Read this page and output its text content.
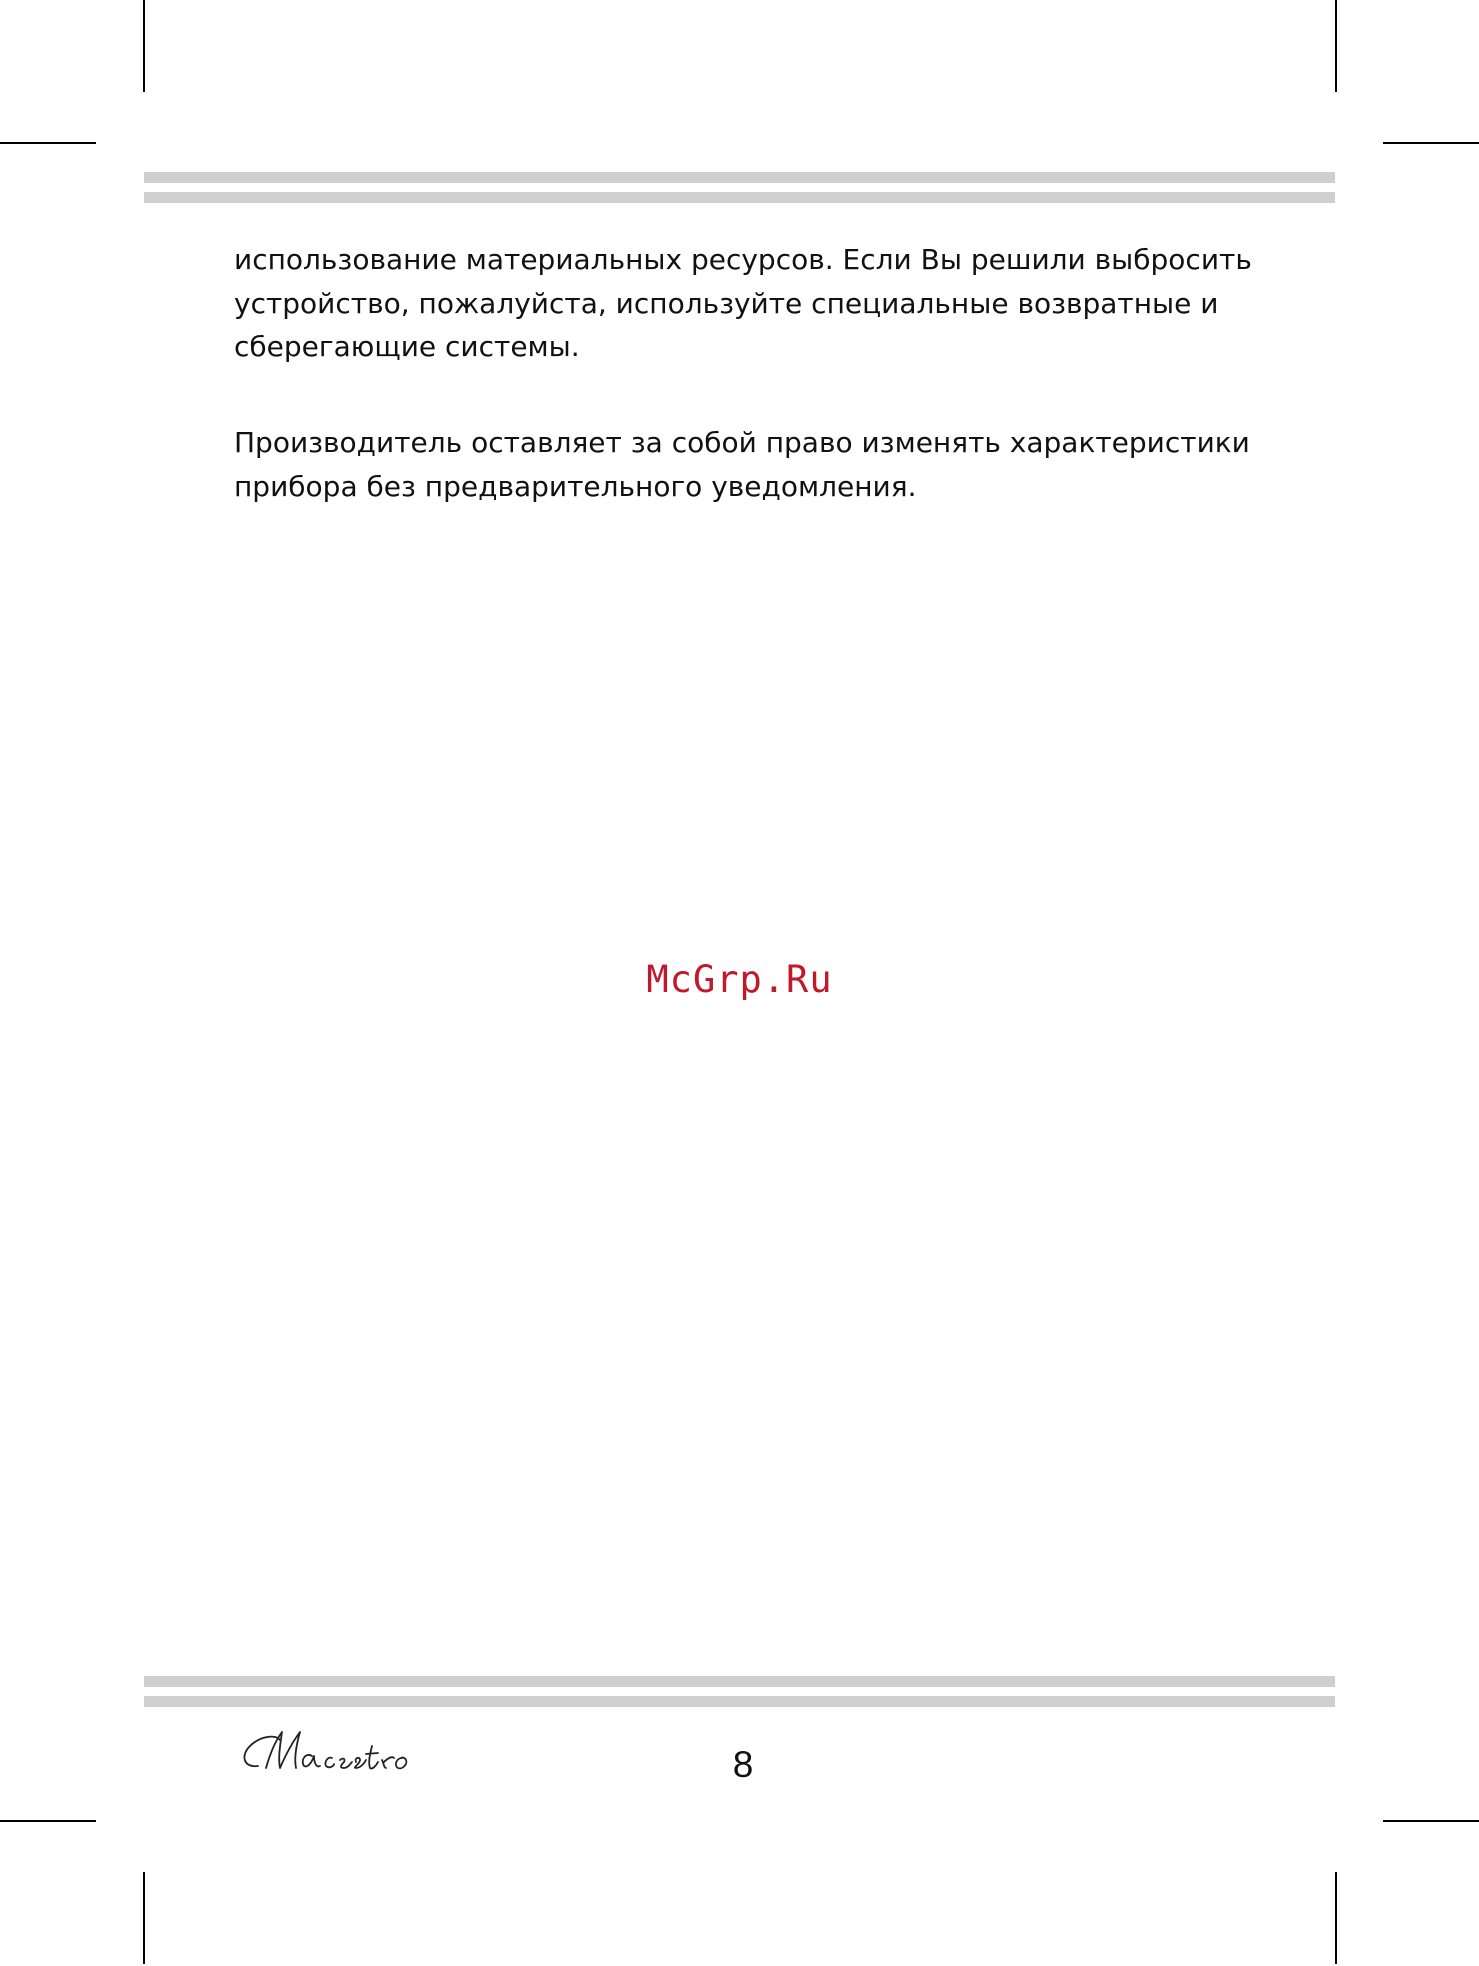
использование материальных ресурсов. Если Вы решили выбросить устройство, пожалуйста, используйте специальные возвратные и сберегающие системы.

Производитель оставляет за собой право изменять характеристики прибора без предварительного уведомления.

McGrp.Ru
8
